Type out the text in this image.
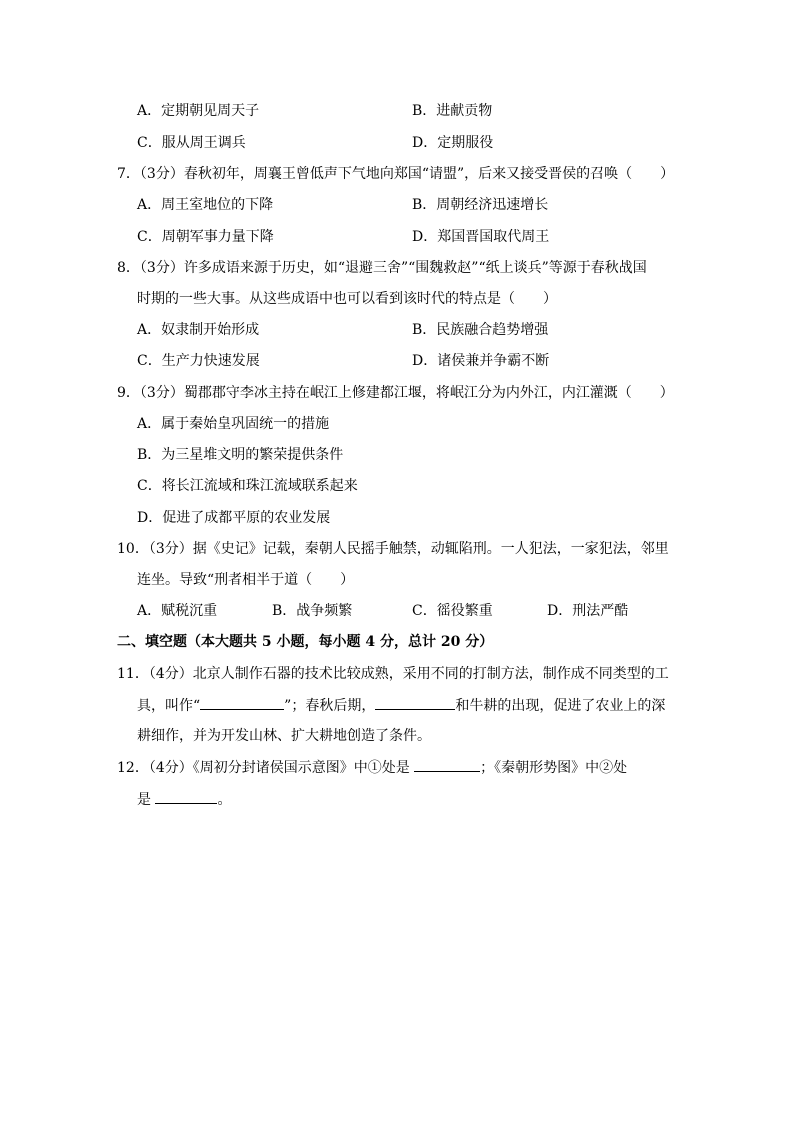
A．定期朝见周天子	B．进献贡物
C．服从周王调兵	D．定期服役
7．（3分）春秋初年，周襄王曾低声下气地向郑国“请盟”，后来又接受晋侯的召唤（　　）
A．周王室地位的下降	B．周朝经济迅速增长
C．周朝军事力量下降	D．郑国晋国取代周王
8．（3分）许多成语来源于历史，如“退避三舍”“围魏救赵”“纸上谈兵”等源于春秋战国
时期的一些大事。从这些成语中也可以看到该时代的特点是（　　）
A．奴隶制开始形成	B．民族融合趋势增强
C．生产力快速发展	D．诸侯兼并争霸不断
9．（3分）蜀郡郡守李冰主持在岷江上修建都江堰，将岷江分为内外江，内江灌溉（　　）
A．属于秦始皇巩固统一的措施
B．为三星堆文明的繁荣提供条件
C．将长江流域和珠江流域联系起来
D．促进了成都平原的农业发展
10．（3分）据《史记》记载，秦朝人民摇手触禁，动辄陷刑。一人犯法，一家犯法，邻里
连坐。导致“刑者相半于道（　　）
A．赋税沉重	B．战争频繁	C．徭役繁重	D．刑法严酷
二、填空题（本大题共 5 小题，每小题 4 分，总计 20 分）
11．（4分）北京人制作石器的技术比较成熟，采用不同的打制方法，制作成不同类型的工
具，叫作“	”；春秋后期，	和牛耕的出现，促进了农业上的深
耕细作，并为开发山林、扩大耕地创造了条件。
12．（4分）《周初分封诸侯国示意图》中①处是	；《秦朝形势图》中②处
是	。
